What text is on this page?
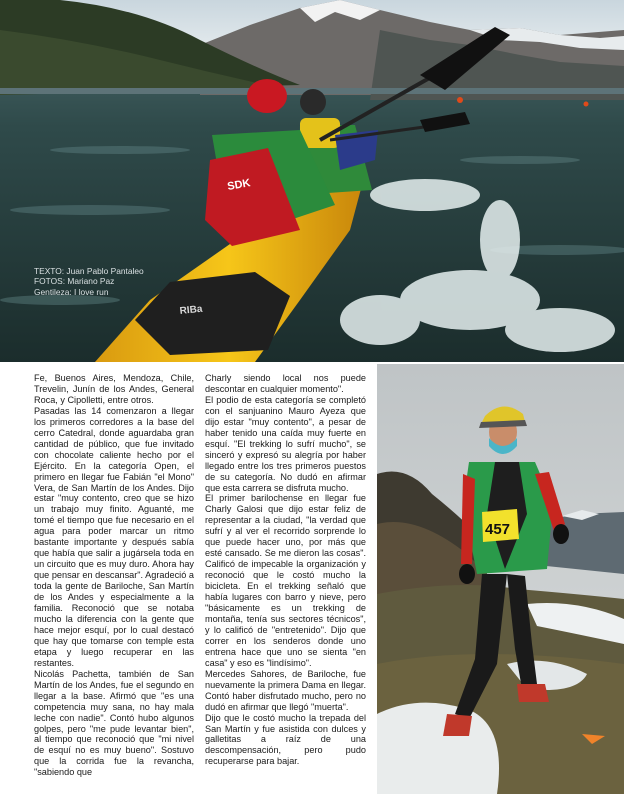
RIBa
SDK
TEXTO: Juan Pablo Pantaleo
FOTOS: Mariano Paz
Gentileza: I love run

Fe, Buenos Aires, Mendoza, Chile, Trevelin, Junín de los Andes, General Roca, y Cipolletti, entre otros.

Pasadas las 14 comenzaron a llegar los primeros corredores a la base del cerro Catedral, donde aguardaba gran cantidad de público, que fue invitado con chocolate caliente hecho por el Ejército. En la categoría Open, el primero en llegar fue Fabián "el Mono" Vera, de San Martín de los Andes. Dijo estar "muy contento, creo que se hizo un trabajo muy finito. Aguanté, me tomé el tiempo que fue necesario en el agua para poder marcar un ritmo bastante importante y después sabía que había que salir a jugársela toda en un circuito que es muy duro. Ahora hay que pensar en descansar". Agradeció a toda la gente de Bariloche, San Martín de los Andes y especialmente a la familia. Reconoció que se notaba mucho la diferencia con la gente que hace mejor esquí, por lo cual destacó que hay que tomarse con temple esta etapa y luego recuperar en las restantes.

Nicolás Pachetta, también de San Martín de los Andes, fue el segundo en llegar a la base. Afirmó que "es una competencia muy sana, no hay mala leche con nadie". Contó hubo algunos golpes, pero "me pude levantar bien", al tiempo que reconoció que "mi nivel de esquí no es muy bueno". Sostuvo que la corrida fue la revancha, "sabiendo que

Charly siendo local nos puede descontar en cualquier momento".

El podio de esta categoría se completó con el sanjuanino Mauro Ayeza que dijo estar "muy contento", a pesar de haber tenido una caída muy fuerte en esquí. "El trekking lo sufrí mucho", se sinceró y expresó su alegría por haber llegado entre los tres primeros puestos de su categoría. No dudó en afirmar que esta carrera se disfruta mucho.

El primer barilochense en llegar fue Charly Galosi que dijo estar feliz de representar a la ciudad, "la verdad que sufrí y al ver el recorrido sorprende lo que puede hacer uno, por más que esté cansado. Se me dieron las cosas". Calificó de impecable la organización y reconoció que le costó mucho la bicicleta. En el trekking señaló que había lugares con barro y nieve, pero "básicamente es un trekking de montaña, tenía sus sectores técnicos", y lo calificó de "entretenido". Dijo que correr en los senderos donde uno entrena hace que uno se sienta "en casa" y eso es "lindísimo".

Mercedes Sahores, de Bariloche, fue nuevamente la primera Dama en llegar. Contó haber disfrutado mucho, pero no dudó en afirmar que llegó "muerta".

Dijo que le costó mucho la trepada del San Martín y fue asistida con dulces y galletitas a raíz de una descompensación, pero pudo recuperarse para bajar.

457
